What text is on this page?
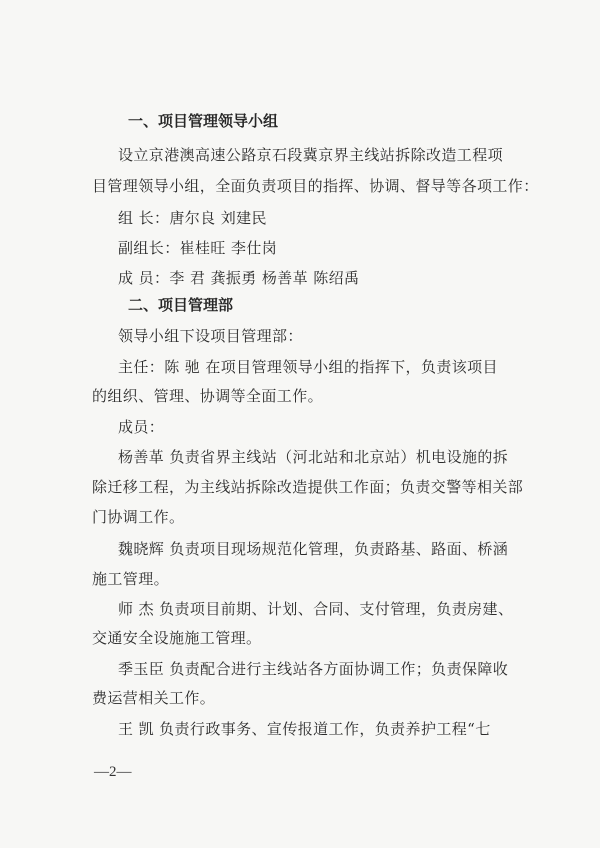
一、项目管理领导小组
设立京港澳高速公路京石段冀京界主线站拆除改造工程项
目管理领导小组，全面负责项目的指挥、协调、督导等各项工作：
组 长：唐尔良 刘建民
副组长：崔桂旺 李仕岗
成 员：李 君 龚振勇 杨善革 陈绍禹
二、项目管理部
领导小组下设项目管理部：
主任：陈 驰 在项目管理领导小组的指挥下，负责该项目
的组织、管理、协调等全面工作。
成员：
杨善革 负责省界主线站（河北站和北京站）机电设施的拆
除迁移工程，为主线站拆除改造提供工作面；负责交警等相关部
门协调工作。
魏晓辉 负责项目现场规范化管理，负责路基、路面、桥涵
施工管理。
师 杰 负责项目前期、计划、合同、支付管理，负责房建、
交通安全设施施工管理。
季玉臣 负责配合进行主线站各方面协调工作；负责保障收
费运营相关工作。
王 凯 负责行政事务、宣传报道工作，负责养护工程“七
—2—
